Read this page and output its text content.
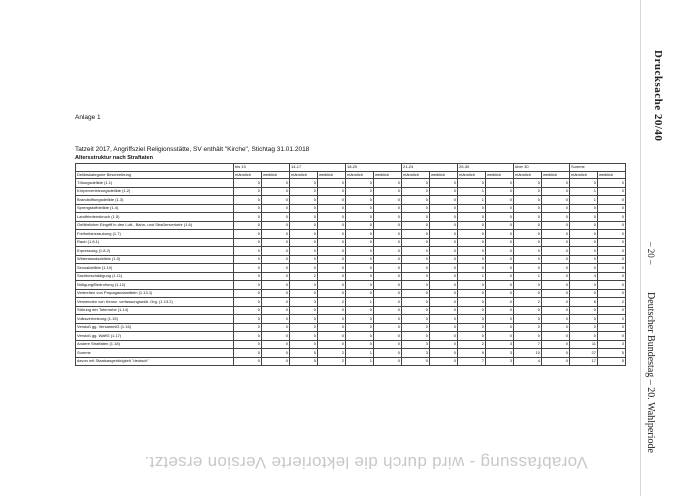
Drucksache 20/40
– 20 –
Deutscher Bundestag – 20. Wahlperiode
Vorabfassung - wird durch die lektorierte Version ersetzt.
Anlage 1
Tatzeit 2017, Angriffsziel Religionsstätte, SV enthält "Kirche", Stichtag 31.01.2018
Altersstruktur nach Straftaten
	bis 13		14-17		18-20		21-24		25-30		über 30		Summe	
Deliktskategorie Beschreibung	männlich	weiblich	männlich	weiblich	männlich	weiblich	männlich	weiblich	männlich	weiblich	männlich	weiblich	männlich	weiblich
Tötungsdelikte (1.1)	0	0	0	0	0	0	0	0	0	0	0	0	0	0
Körperverletzungsdelikte (1.2)	0	0	0	0	0	0	0	0	1	0	0	0	1	0
Brandstiftungsdelikte (1.3)	0	0	0	0	0	0	0	0	1	0	0	0	1	0
Sprengstoffdelikte (1.4)	0	0	0	0	0	0	0	0	0	0	0	0	0	0
Landfriedensbruch (1.5)	0	0	0	0	0	0	0	0	0	0	0	0	0	0
Gefährlicher Eingriff in den Luft-, Bahn- und Straßenverkehr (1.6)	0	0	0	0	0	0	0	0	0	0	0	0	0	0
Freiheitsberaubung (1.7)	0	0	0	0	0	0	0	0	0	0	0	0	0	0
Raub (1.8.1)	0	0	0	0	0	0	0	0	0	0	0	0	0	0
Erpressung (1.8.2)	0	0	0	0	0	0	0	0	0	0	0	0	0	0
Widerstandsdelikte (1.9)	0	0	0	0	0	0	0	0	0	0	0	0	0	0
Sexualdelikte (1.10)	0	0	0	0	0	0	0	0	0	0	0	0	0	0
Sachbeschädigung (1.11)	0	0	2	0	0	0	0	0	1	0	1	0	4	0
Nötigung/Bedrohung (1.12)	0	0	0	0	0	0	0	0	0	0	0	0	0	0
Verbreiten von Propagandamitteln (1.13.1)	0	0	0	0	0	0	0	0	0	0	0	0	0	0
Verwenden von Kennz. verfassungswidr. Org. (1.13.2)	0	0	3	2	1	0	0	0	0	0	2	0	6	2
Störung der Totenruhe (1.14)	0	0	0	0	0	0	0	0	0	0	0	0	0	0
Volksverhetzung (1.15)	0	0	0	0	0	0	0	0	0	0	0	0	0	0
Verstoß gg. VersammlG (1.16)	0	0	0	0	0	0	0	0	0	0	0	0	0	0
Verstoß gg. WaffG (1.17)	0	0	0	0	0	0	0	0	0	0	0	0	0	0
Andere Straftaten (1.18)	0	0	0	0	0	0	3	0	2	3	7	0	11	3
Summe	0	0	5	2	1	0	3	0	9	3	10	0	27	5
davon mit Staatsangehörigkeit "deutsch"	0	0	5	2	1	0	0	0	7	3	4	0	17	5
